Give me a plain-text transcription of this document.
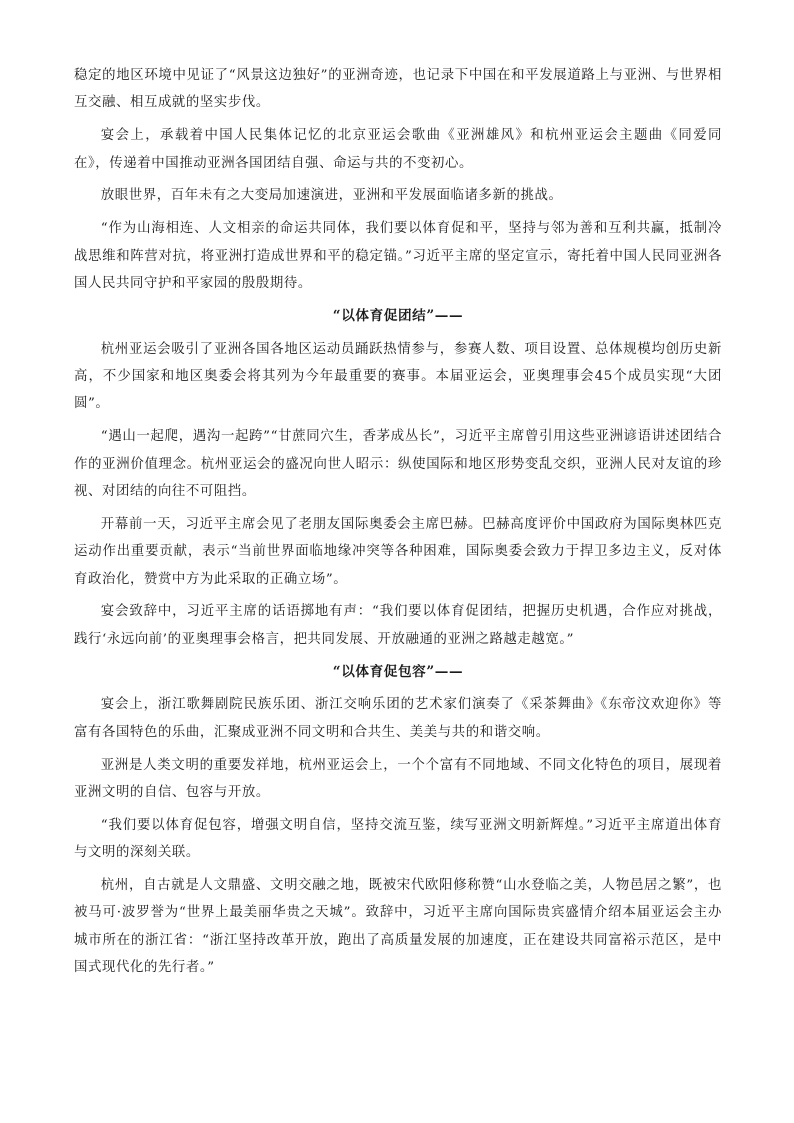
稳定的地区环境中见证了“风景这边独好”的亚洲奇迹，也记录下中国在和平发展道路上与亚洲、与世界相互交融、相互成就的坚实步伐。

宴会上，承载着中国人民集体记忆的北京亚运会歌曲《亚洲雄风》和杭州亚运会主题曲《同爱同在》，传递着中国推动亚洲各国团结自强、命运与共的不变初心。

放眼世界，百年未有之大变局加速演进，亚洲和平发展面临诸多新的挑战。

“作为山海相连、人文相亲的命运共同体，我们要以体育促和平，坚持与邻为善和互利共赢，抵制冷战思维和阵营对抗，将亚洲打造成世界和平的稳定锚。”习近平主席的坚定宣示，寄托着中国人民同亚洲各国人民共同守护和平家园的殷殷期待。

“以体育促团结”——

杭州亚运会吸引了亚洲各国各地区运动员踊跃热情参与，参赛人数、项目设置、总体规模均创历史新高，不少国家和地区奥委会将其列为今年最重要的赛事。本届亚运会，亚奥理事会45个成员实现“大团圆”。

“遇山一起爬，遇沟一起跨”“甘蔗同穴生，香茅成丛长”，习近平主席曾引用这些亚洲谚语讲述团结合作的亚洲价值理念。杭州亚运会的盛况向世人昭示：纵使国际和地区形势变乱交织，亚洲人民对友谊的珍视、对团结的向往不可阻挡。

开幕前一天，习近平主席会见了老朋友国际奥委会主席巴赫。巴赫高度评价中国政府为国际奥林匹克运动作出重要贡献，表示“当前世界面临地缘冲突等各种困难，国际奥委会致力于捍卫多边主义，反对体育政治化，赞赏中方为此采取的正确立场”。

宴会致辞中，习近平主席的话语掷地有声：“我们要以体育促团结，把握历史机遇，合作应对挑战，践行‘永远向前’的亚奥理事会格言，把共同发展、开放融通的亚洲之路越走越宽。”

“以体育促包容”——

宴会上，浙江歌舞剧院民族乐团、浙江交响乐团的艺术家们演奏了《采茶舞曲》《东帝汶欢迎你》等富有各国特色的乐曲，汇聚成亚洲不同文明和合共生、美美与共的和谐交响。

亚洲是人类文明的重要发祥地，杭州亚运会上，一个个富有不同地域、不同文化特色的项目，展现着亚洲文明的自信、包容与开放。

“我们要以体育促包容，增强文明自信，坚持交流互鉴，续写亚洲文明新辉煌。”习近平主席道出体育与文明的深刻关联。

杭州，自古就是人文鼎盛、文明交融之地，既被宋代欧阳修称赞“山水登临之美，人物邑居之繁”，也被马可·波罗誉为“世界上最美丽华贵之天城”。致辞中，习近平主席向国际贵宾盛情介绍本届亚运会主办城市所在的浙江省：“浙江坚持改革开放，跑出了高质量发展的加速度，正在建设共同富裕示范区，是中国式现代化的先行者。”
